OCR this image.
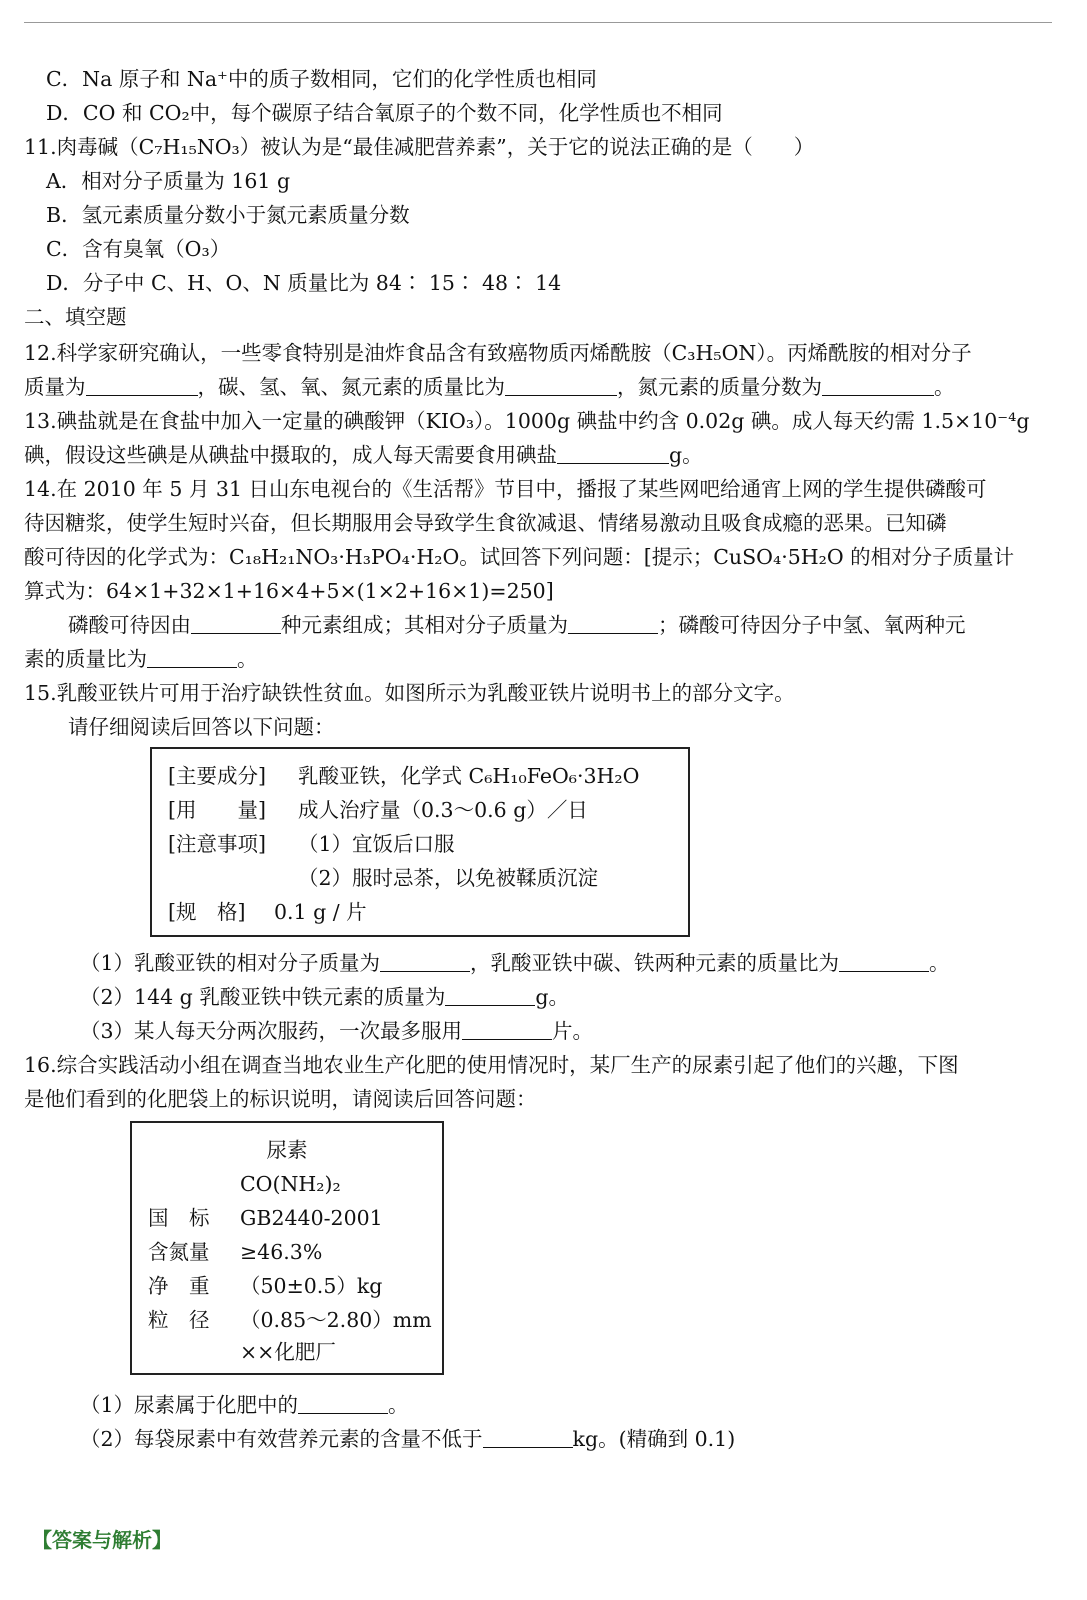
C．Na 原子和 Na⁺中的质子数相同，它们的化学性质也相同
D．CO 和 CO₂中，每个碳原子结合氧原子的个数不同，化学性质也不相同
11.肉毒碱（C₇H₁₅NO₃）被认为是“最佳减肥营养素”，关于它的说法正确的是（　　）
A．相对分子质量为 161 g
B．氢元素质量分数小于氮元素质量分数
C．含有臭氧（O₃）
D．分子中 C、H、O、N 质量比为 84∶ 15∶ 48∶ 14
二、填空题
12.科学家研究确认，一些零食特别是油炸食品含有致癌物质丙烯酰胺（C₃H₅ON）。丙烯酰胺的相对分子
质量为	，碳、氢、氧、氮元素的质量比为	，氮元素的质量分数为	。
13.碘盐就是在食盐中加入一定量的碘酸钾（KIO₃）。1000g 碘盐中约含 0.02g 碘。成人每天约需 1.5×10⁻⁴g
碘，假设这些碘是从碘盐中摄取的，成人每天需要食用碘盐	g。
14.在 2010 年 5 月 31 日山东电视台的《生活帮》节目中，播报了某些网吧给通宵上网的学生提供磷酸可
待因糖浆，使学生短时兴奋，但长期服用会导致学生食欲减退、情绪易激动且吸食成瘾的恶果。已知磷
酸可待因的化学式为：C₁₈H₂₁NO₃·H₃PO₄·H₂O。试回答下列问题：[提示；CuSO₄·5H₂O 的相对分子质量计
算式为：64×1+32×1+16×4+5×(1×2+16×1)=250]
磷酸可待因由	种元素组成；其相对分子质量为	；磷酸可待因分子中氢、氧两种元
素的质量比为	。
15.乳酸亚铁片可用于治疗缺铁性贫血。如图所示为乳酸亚铁片说明书上的部分文字。
请仔细阅读后回答以下问题：
[主要成分] 乳酸亚铁，化学式 C₆H₁₀FeO₆·3H₂O
[用　　量] 成人治疗量（0.3～0.6 g）／日
[注意事项] （1）宜饭后口服
（2）服时忌茶，以免被鞣质沉淀
[规　格] 0.1 g / 片
（1）乳酸亚铁的相对分子质量为	，乳酸亚铁中碳、铁两种元素的质量比为	。
（2）144 g 乳酸亚铁中铁元素的质量为	g。
（3）某人每天分两次服药，一次最多服用	片。
16.综合实践活动小组在调查当地农业生产化肥的使用情况时，某厂生产的尿素引起了他们的兴趣，下图
是他们看到的化肥袋上的标识说明，请阅读后回答问题：
尿素
CO(NH₂)₂
国　标 GB2440-2001
含氮量 ≥46.3%
净　重 （50±0.5）kg
粒　径 （0.85～2.80）mm
××化肥厂
（1）尿素属于化肥中的	。
（2）每袋尿素中有效营养元素的含量不低于	kg。(精确到 0.1)
【答案与解析】
